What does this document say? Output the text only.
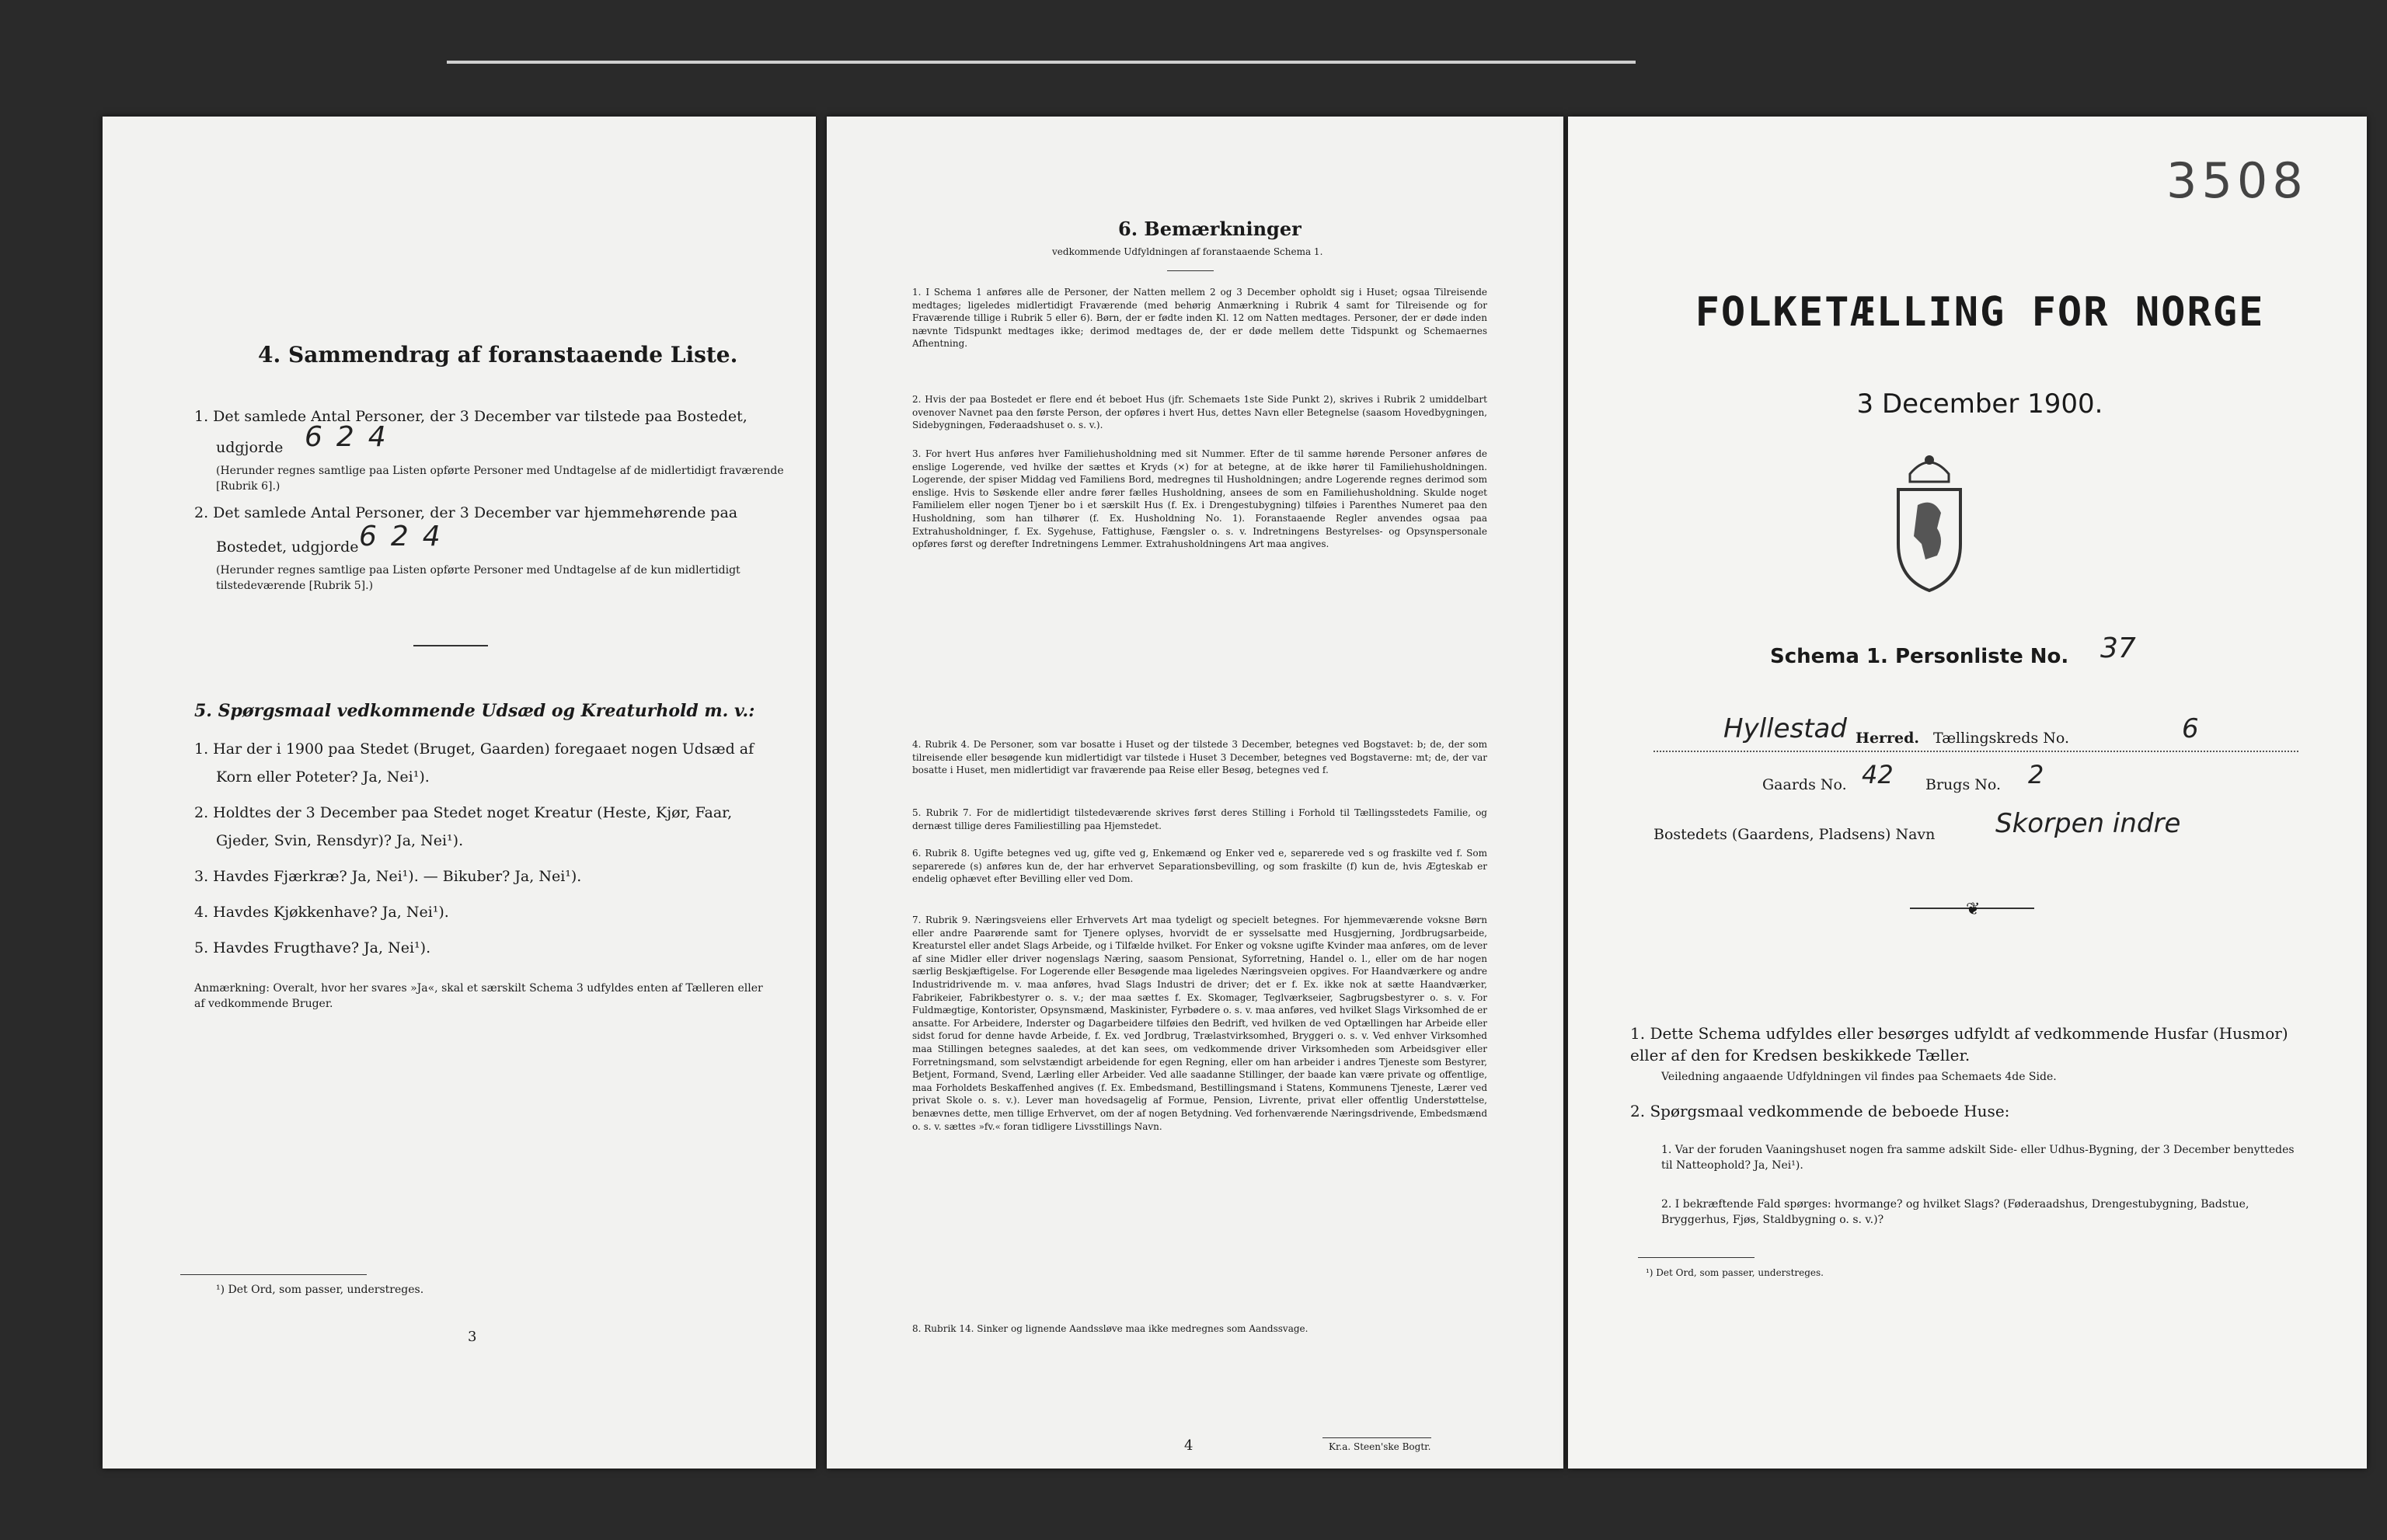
4. Sammendrag af foranstaaende Liste.
1. Det samlede Antal Personer, der 3 December var tilstede paa Bostedet,
udgjorde 624
(Herunder regnes samtlige paa Listen opførte Personer med Undtagelse af de midlertidigt fraværende [Rubrik 6].)
2. Det samlede Antal Personer, der 3 December var hjemmehørende paa
Bostedet, udgjorde 624
(Herunder regnes samtlige paa Listen opførte Personer med Undtagelse af de kun midlertidigt tilstedeværende [Rubrik 5].)
5. Spørgsmaal vedkommende Udsæd og Kreaturhold m. v.:
1. Har der i 1900 paa Stedet (Bruget, Gaarden) foregaaet nogen Udsæd af
Korn eller Poteter? Ja, Nei¹).
2. Holdtes der 3 December paa Stedet noget Kreatur (Heste, Kjør, Faar,
Gjeder, Svin, Rensdyr)? Ja, Nei¹).
3. Havdes Fjærkræ? Ja, Nei¹). — Bikuber? Ja, Nei¹).
4. Havdes Kjøkkenhave? Ja, Nei¹).
5. Havdes Frugthave? Ja, Nei¹).
Anmærkning: Overalt, hvor her svares »Ja«, skal et særskilt Schema 3 udfyldes enten af Tælleren eller af vedkommende Bruger.
¹) Det Ord, som passer, understreges.
3
6. Bemærkninger
vedkommende Udfyldningen af foranstaaende Schema 1.
1. I Schema 1 anføres alle de Personer, der Natten mellem 2 og 3 December opholdt sig i Huset; ogsaa Tilreisende medtages; ligeledes midlertidigt Fraværende (med behørig Anmærkning i Rubrik 4 samt for Tilreisende og for Fraværende tillige i Rubrik 5 eller 6). Børn, der er fødte inden Kl. 12 om Natten medtages. Personer, der er døde inden nævnte Tidspunkt medtages ikke; derimod medtages de, der er døde mellem dette Tidspunkt og Schemaernes Afhentning.
2. Hvis der paa Bostedet er flere end ét beboet Hus (jfr. Schemaets 1ste Side Punkt 2), skrives i Rubrik 2 umiddelbart ovenover Navnet paa den første Person, der opføres i hvert Hus, dettes Navn eller Betegnelse (saasom Hovedbygningen, Sidebygningen, Føderaadshuset o. s. v.).
3. For hvert Hus anføres hver Familiehusholdning med sit Nummer. Efter de til samme hørende Personer anføres de enslige Logerende, ved hvilke der sættes et Kryds (×) for at betegne, at de ikke hører til Familiehusholdningen. Logerende, der spiser Middag ved Familiens Bord, medregnes til Husholdningen; andre Logerende regnes derimod som enslige. Hvis to Søskende eller andre fører fælles Husholdning, ansees de som en Familiehusholdning. Skulde noget Familielem eller nogen Tjener bo i et særskilt Hus (f. Ex. i Drengestubygning) tilføies i Parenthes Numeret paa den Husholdning, som han tilhører (f. Ex. Husholdning No. 1). Foranstaaende Regler anvendes ogsaa paa Extrahusholdninger, f. Ex. Sygehuse, Fattighuse, Fængsler o. s. v. Indretningens Bestyrelses- og Opsynspersonale opføres først og derefter Indretningens Lemmer. Extrahusholdningens Art maa angives.
4. Rubrik 4. De Personer, som var bosatte i Huset og der tilstede 3 December, betegnes ved Bogstavet: b; de, der som tilreisende eller besøgende kun midlertidigt var tilstede i Huset 3 December, betegnes ved Bogstaverne: mt; de, der var bosatte i Huset, men midlertidigt var fraværende paa Reise eller Besøg, betegnes ved f.
5. Rubrik 7. For de midlertidigt tilstedeværende skrives først deres Stilling i Forhold til Tællingsstedets Familie, og dernæst tillige deres Familiestilling paa Hjemstedet.
6. Rubrik 8. Ugifte betegnes ved ug, gifte ved g, Enkemænd og Enker ved e, separerede ved s og fraskilte ved f. Som separerede (s) anføres kun de, der har erhvervet Separationsbevilling, og som fraskilte (f) kun de, hvis Ægteskab er endelig ophævet efter Bevilling eller ved Dom.
7. Rubrik 9. Næringsveiens eller Erhvervets Art maa tydeligt og specielt betegnes. For hjemmeværende voksne Børn eller andre Paarørende samt for Tjenere oplyses, hvorvidt de er sysselsatte med Husgjerning, Jordbrugsarbeide, Kreaturstel eller andet Slags Arbeide, og i Tilfælde hvilket. For Enker og voksne ugifte Kvinder maa anføres, om de lever af sine Midler eller driver nogenslags Næring, saasom Pensionat, Syforretning, Handel o. l., eller om de har nogen særlig Beskjæftigelse. For Logerende eller Besøgende maa ligeledes Næringsveien opgives. For Haandværkere og andre Industridrivende m. v. maa anføres, hvad Slags Industri de driver; det er f. Ex. ikke nok at sætte Haandværker, Fabrikeier, Fabrikbestyrer o. s. v.; der maa sættes f. Ex. Skomager, Teglværkseier, Sagbrugsbestyrer o. s. v. For Fuldmægtige, Kontorister, Opsynsmænd, Maskinister, Fyrbødere o. s. v. maa anføres, ved hvilket Slags Virksomhed de er ansatte. For Arbeidere, Inderster og Dagarbeidere tilføies den Bedrift, ved hvilken de ved Optællingen har Arbeide eller sidst forud for denne havde Arbeide, f. Ex. ved Jordbrug, Trælastvirksomhed, Bryggeri o. s. v. Ved enhver Virksomhed maa Stillingen betegnes saaledes, at det kan sees, om vedkommende driver Virksomheden som Arbeidsgiver eller Forretningsmand, som selvstændigt arbeidende for egen Regning, eller om han arbeider i andres Tjeneste som Bestyrer, Betjent, Formand, Svend, Lærling eller Arbeider. Ved alle saadanne Stillinger, der baade kan være private og offentlige, maa Forholdets Beskaffenhed angives (f. Ex. Embedsmand, Bestillingsmand i Statens, Kommunens Tjeneste, Lærer ved privat Skole o. s. v.). Lever man hovedsagelig af Formue, Pension, Livrente, privat eller offentlig Understøttelse, benævnes dette, men tillige Erhvervet, om der af nogen Betydning. Ved forhenværende Næringsdrivende, Embedsmænd o. s. v. sættes »fv.« foran tidligere Livsstillings Navn.
8. Rubrik 14. Sinker og lignende Aandssløve maa ikke medregnes som Aandssvage.
4	Kr.a. Steen'ske Bogtr.
3508
FOLKETÆLLING FOR NORGE
3 December 1900.
Schema 1. Personliste No. 37
Hyllestad Herred. Tællingskreds No.	6
Gaards No. 42 Brugs No. 2
Bostedets (Gaardens, Pladsens) Navn Skorpen indre
❦
1. Dette Schema udfyldes eller besørges udfyldt af vedkommende Husfar (Husmor) eller af den for Kredsen beskikkede Tæller.
Veiledning angaaende Udfyldningen vil findes paa Schemaets 4de Side.
2. Spørgsmaal vedkommende de beboede Huse:
1. Var der foruden Vaaningshuset nogen fra samme adskilt Side- eller Udhus-Bygning, der 3 December benyttedes til Natteophold? Ja, Nei¹).
2. I bekræftende Fald spørges: hvormange? og hvilket Slags? (Føderaadshus, Drengestubygning, Badstue, Bryggerhus, Fjøs, Staldbygning o. s. v.)?
¹) Det Ord, som passer, understreges.
